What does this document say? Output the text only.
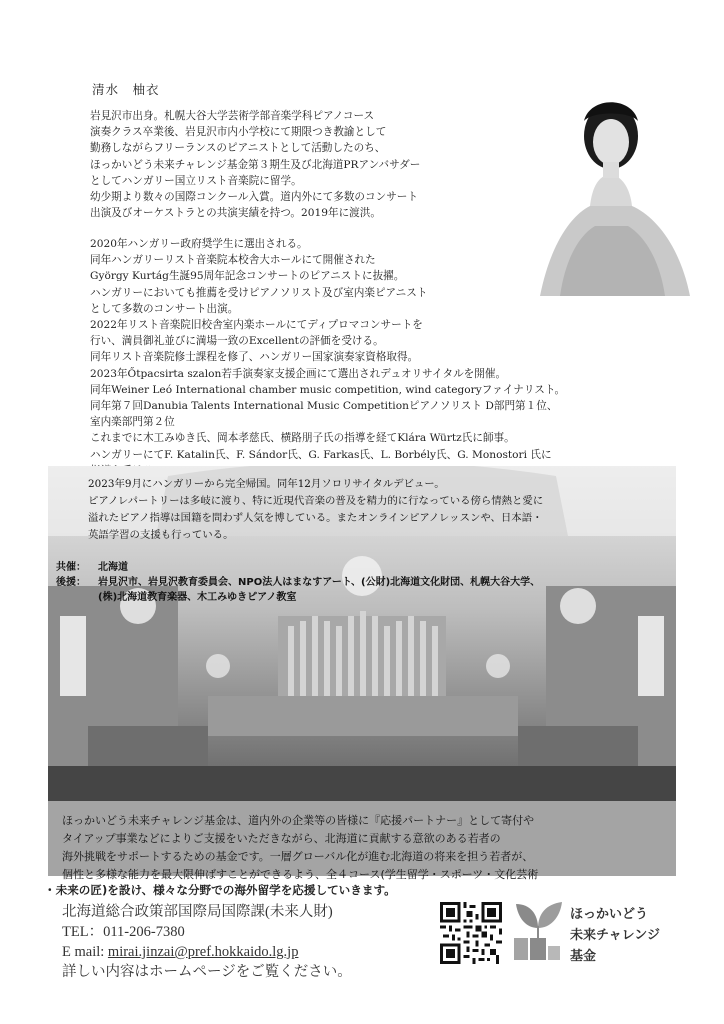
清水　柚衣
岩見沢市出身。札幌大谷大学芸術学部音楽学科ピアノコース
演奏クラス卒業後、岩見沢市内小学校にて期限つき教諭として
勤務しながらフリーランスのピアニストとして活動したのち、
ほっかいどう未来チャレンジ基金第３期生及び北海道PRアンバサダー
としてハンガリー国立リスト音楽院に留学。
幼少期より数々の国際コンクール入賞。道内外にて多数のコンサート
出演及びオーケストラとの共演実績を持つ。2019年に渡洪。
2020年ハンガリー政府奨学生に選出される。
同年ハンガリーリスト音楽院本校舎大ホールにて開催された
György Kurtág生誕95周年記念コンサートのピアニストに抜擢。
ハンガリーにおいても推薦を受けピアノソリスト及び室内楽ピアニスト
として多数のコンサート出演。
2022年リスト音楽院旧校舎室内楽ホールにてディプロマコンサートを
行い、満員御礼並びに満場一致のExcellentの評価を受ける。
同年リスト音楽院修士課程を修了、ハンガリー国家演奏家資格取得。
2023年Őtpacsirta szalon若手演奏家支援企画にて選出されデュオリサイタルを開催。
同年Weiner Leó International chamber music competition, wind categoryファイナリスト。
同年第７回Danubia Talents International Music Competitionピアノソリスト D部門第１位、
室内楽部門第２位
これまでに木工みゆき氏、岡本孝慈氏、横路朋子氏の指導を経てKlára Würtz氏に師事。
ハンガリーにてF. Katalin氏、F. Sándor氏、G. Farkas氏、L. Borbély氏、G. Monostori 氏に
2023年9月にハンガリーから完全帰国。同年12月ソロリサイタルデビュー。
ピアノレパートリーは多岐に渡り、特に近現代音楽の普及を精力的に行なっている傍ら情熱と愛に
溢れたピアノ指導は国籍を問わず人気を博している。またオンラインピアノレッスンや、日本語・
英語学習の支援も行っている。
共催： 北海道
後援： 岩見沢市、岩見沢教育委員会、NPO法人はまなすアート、(公財)北海道文化財団、札幌大谷大学、
(株)北海道教育楽器、木工みゆきピアノ教室
ほっかいどう未来チャレンジ基金は、道内外の企業等の皆様に『応援パートナー』として寄付や
タイアップ事業などによりご支援をいただきながら、北海道に貢献する意欲のある若者の
海外挑戦をサポートするための基金です。一層グローバル化が進む北海道の将来を担う若者が、
個性と多様な能力を最大限伸ばすことができるよう、全４コース(学生留学・スポーツ・文化芸術
・未来の匠)を設け、様々な分野での海外留学を応援していきます。
北海道総合政策部国際局国際課(未来人財)
TEL：011-206-7380
E mail: mirai.jinzai@pref.hokkaido.lg.jp
詳しい内容はホームページをご覧ください。
ほっかいどう
未来チャレンジ
基金
